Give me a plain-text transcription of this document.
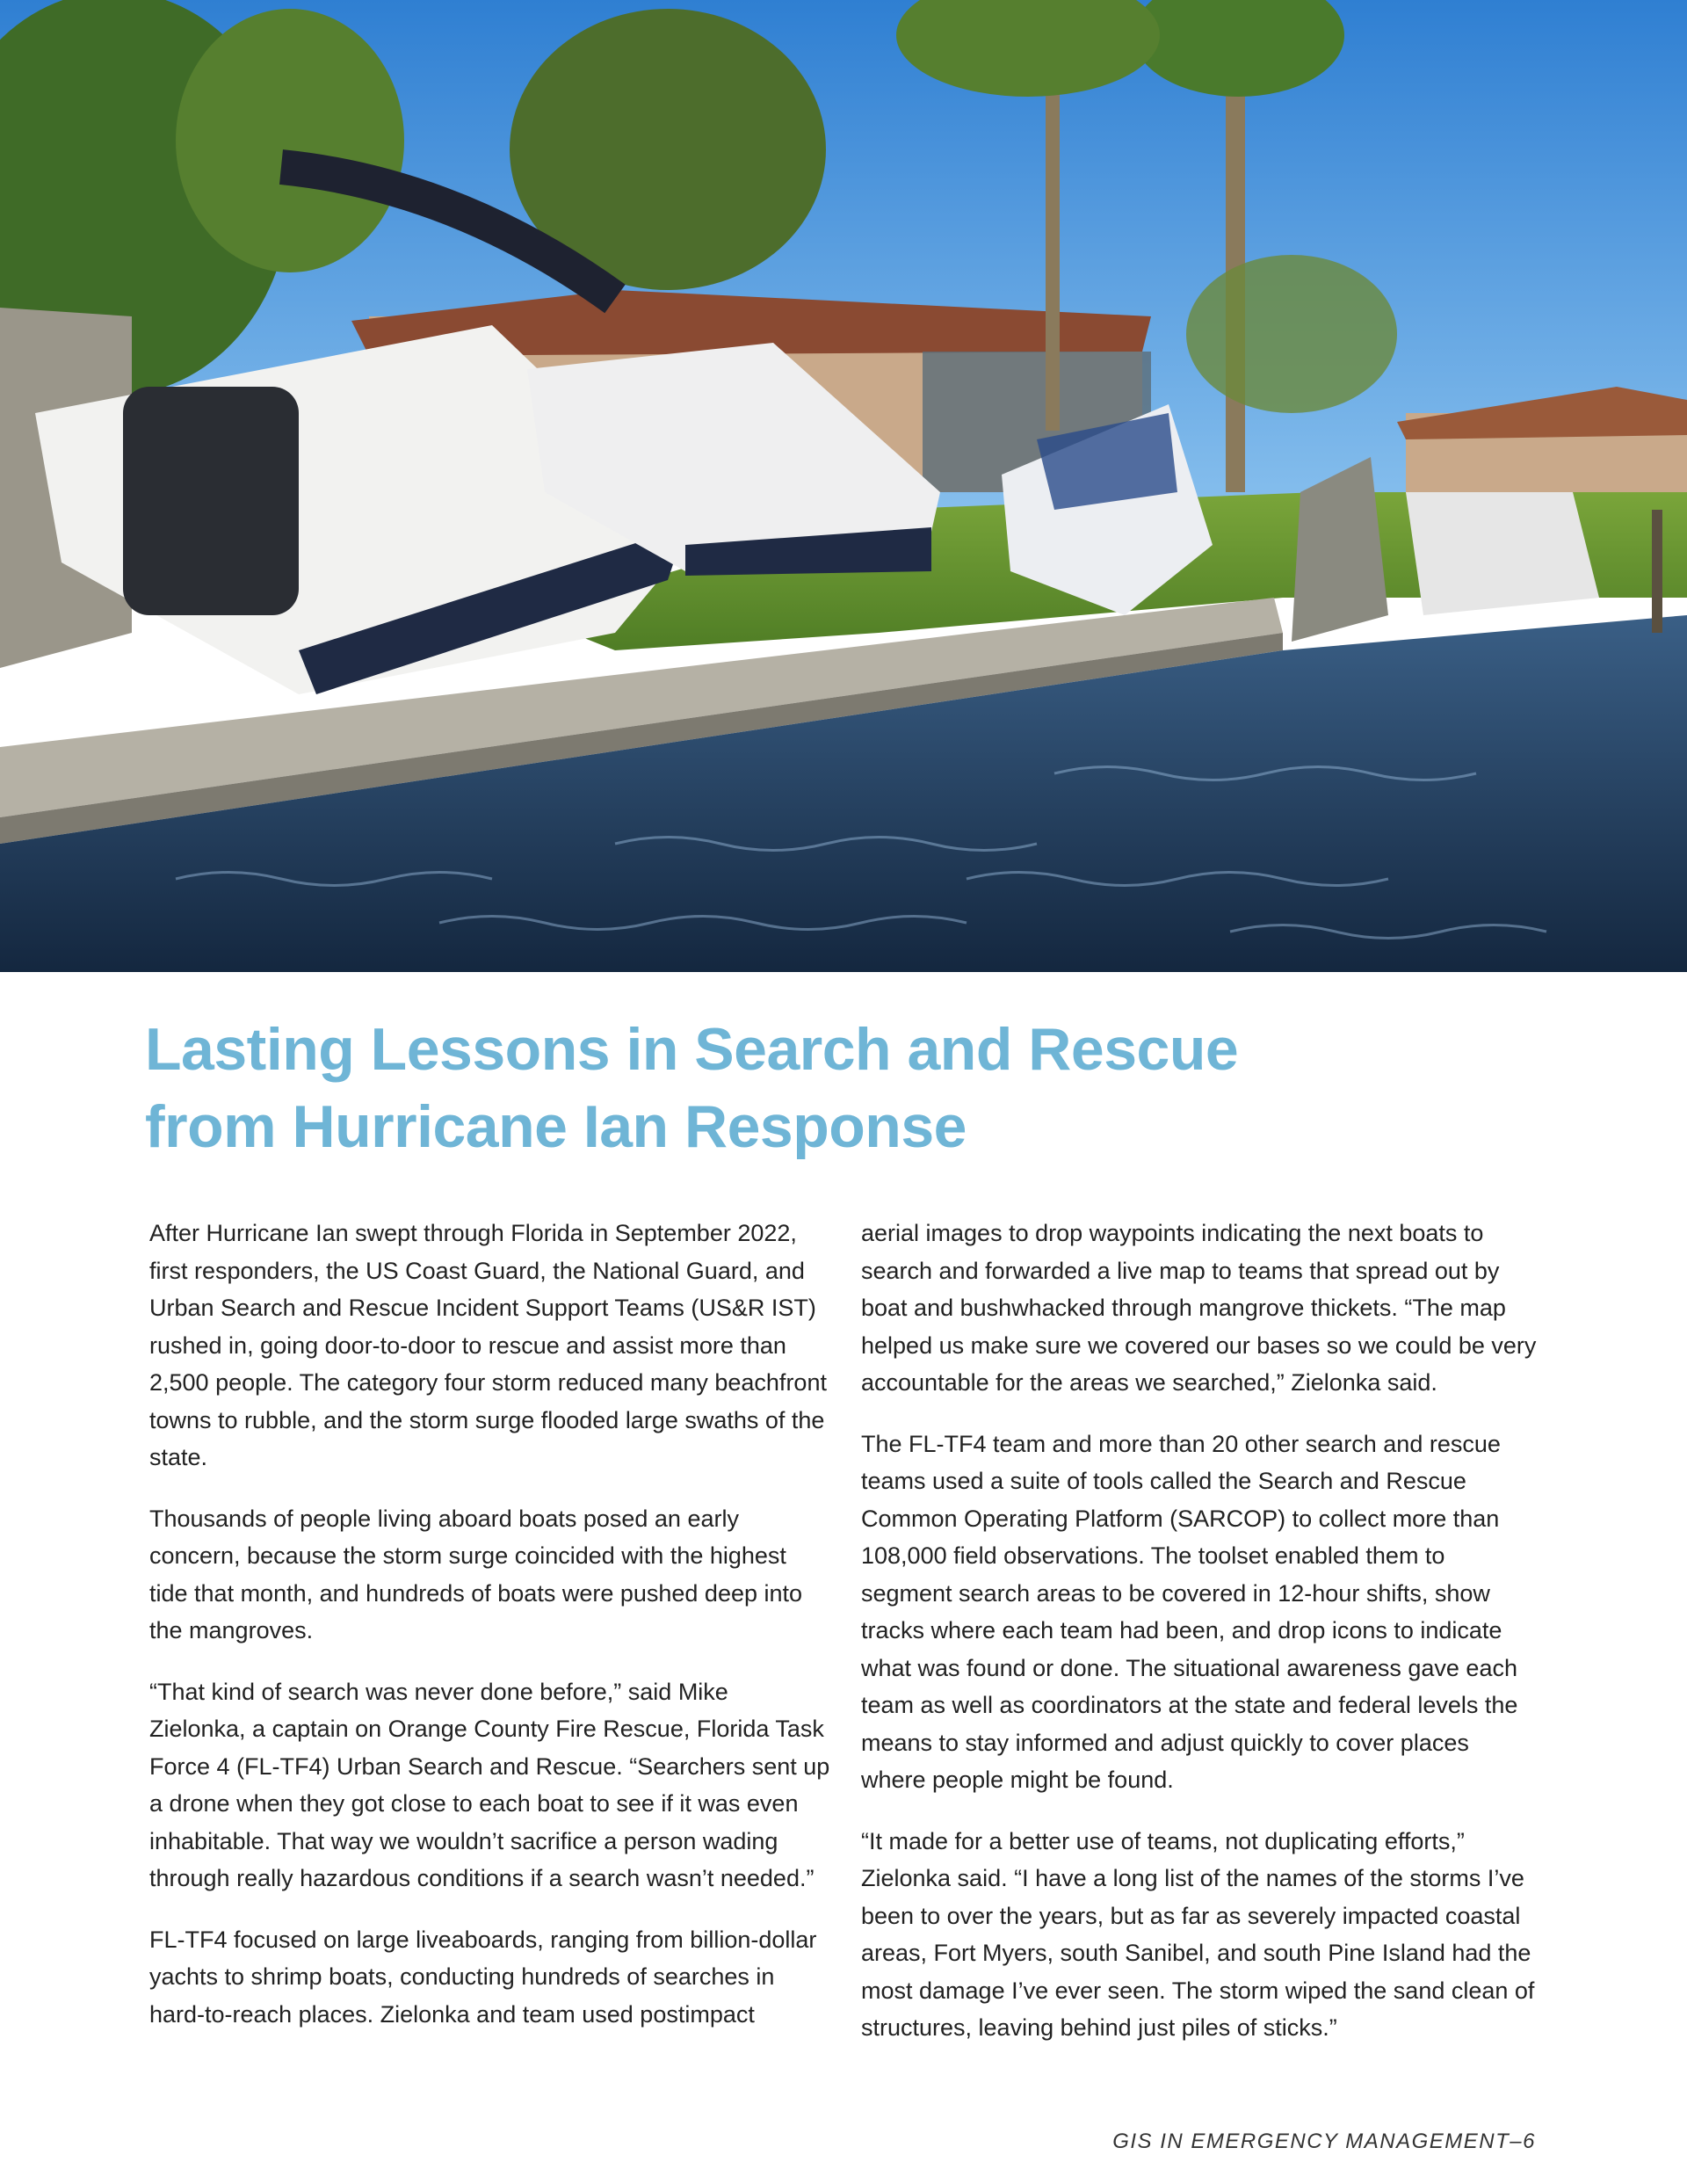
Lasting Lessons in Search and Rescue
from Hurricane Ian Response

After Hurricane Ian swept through Florida in September 2022, first responders, the US Coast Guard, the National Guard, and Urban Search and Rescue Incident Support Teams (US&R IST) rushed in, going door-to-door to rescue and assist more than 2,500 people. The category four storm reduced many beachfront towns to rubble, and the storm surge flooded large swaths of the state.

Thousands of people living aboard boats posed an early concern, because the storm surge coincided with the highest tide that month, and hundreds of boats were pushed deep into the mangroves.

“That kind of search was never done before,” said Mike Zielonka, a captain on Orange County Fire Rescue, Florida Task Force 4 (FL-TF4) Urban Search and Rescue. “Searchers sent up a drone when they got close to each boat to see if it was even inhabitable. That way we wouldn’t sacrifice a person wading through really hazardous conditions if a search wasn’t needed.”

FL-TF4 focused on large liveaboards, ranging from billion-dollar yachts to shrimp boats, conducting hundreds of searches in hard-to-reach places. Zielonka and team used postimpact

aerial images to drop waypoints indicating the next boats to search and forwarded a live map to teams that spread out by boat and bushwhacked through mangrove thickets. “The map helped us make sure we covered our bases so we could be very accountable for the areas we searched,” Zielonka said.

The FL-TF4 team and more than 20 other search and rescue teams used a suite of tools called the Search and Rescue Common Operating Platform (SARCOP) to collect more than 108,000 field observations. The toolset enabled them to segment search areas to be covered in 12-hour shifts, show tracks where each team had been, and drop icons to indicate what was found or done. The situational awareness gave each team as well as coordinators at the state and federal levels the means to stay informed and adjust quickly to cover places where people might be found.

“It made for a better use of teams, not duplicating efforts,” Zielonka said. “I have a long list of the names of the storms I’ve been to over the years, but as far as severely impacted coastal areas, Fort Myers, south Sanibel, and south Pine Island had the most damage I’ve ever seen. The storm wiped the sand clean of structures, leaving behind just piles of sticks.”

GIS IN EMERGENCY MANAGEMENT–6
